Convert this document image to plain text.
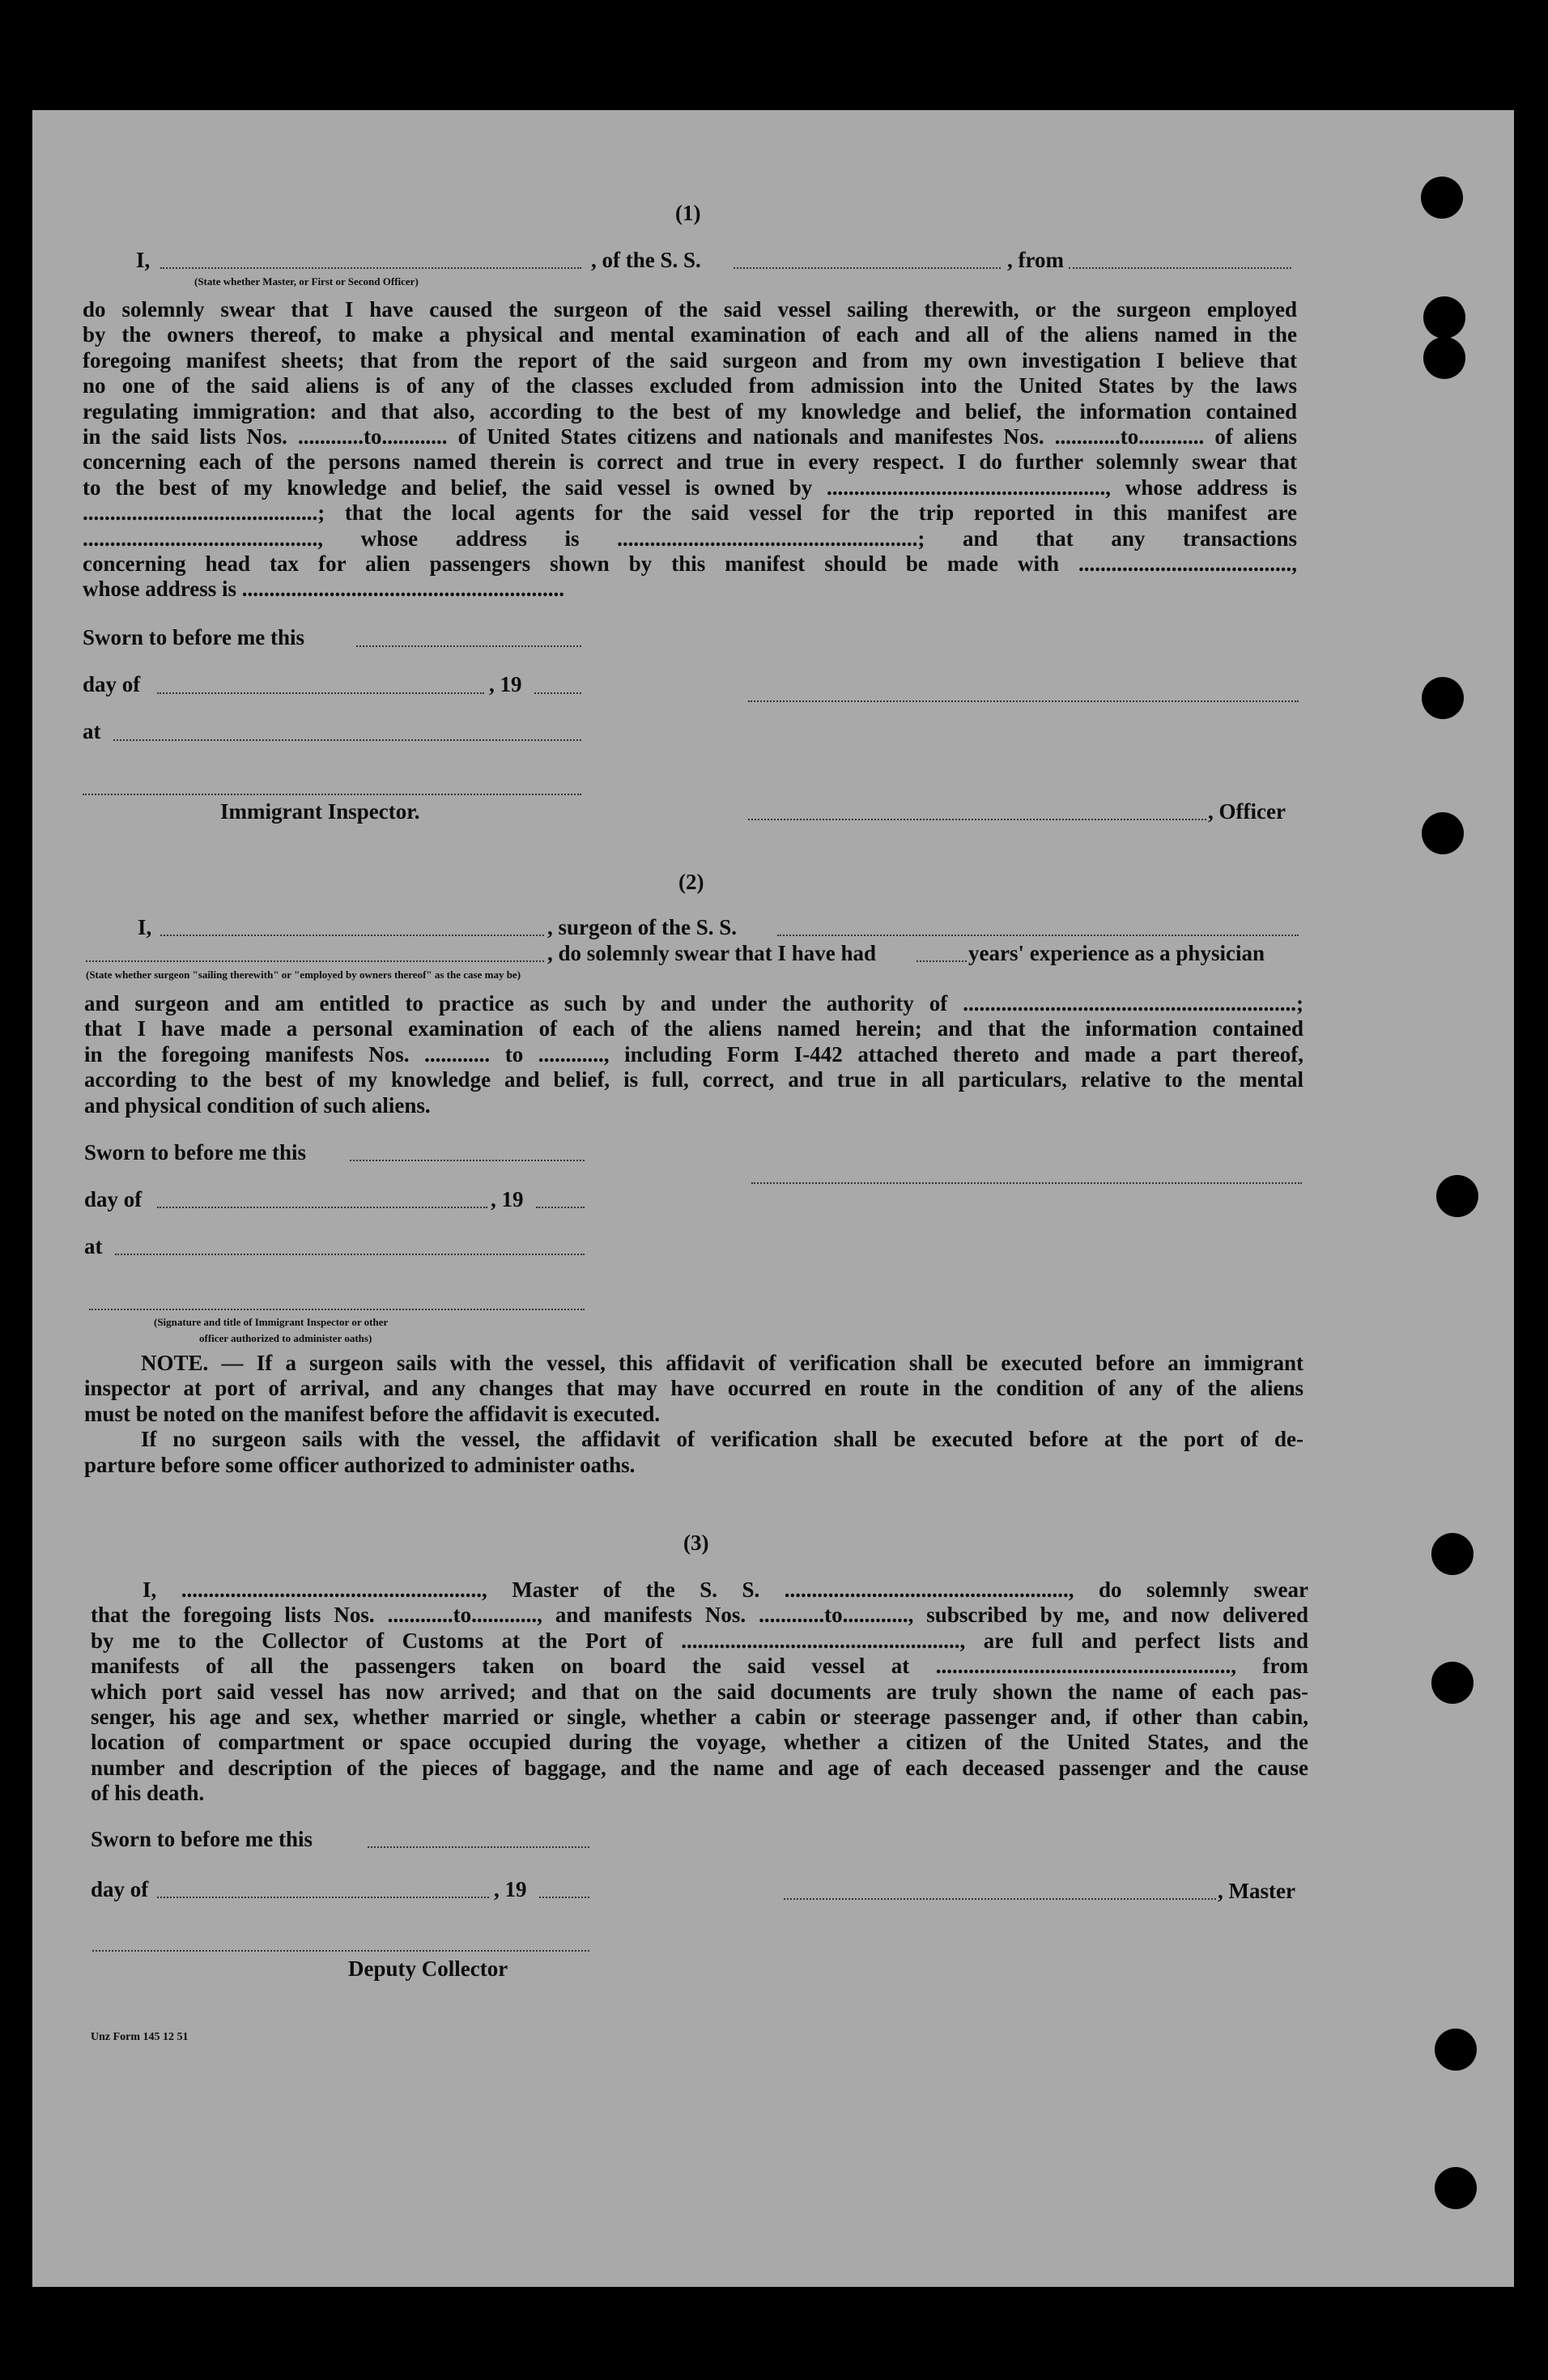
(1)
I,	, of the S. S.	, from
(State whether Master, or First or Second Officer)
do solemnly swear that I have caused the surgeon of the said vessel sailing therewith, or the surgeon employed
by the owners thereof, to make a physical and mental examination of each and all of the aliens named in the
foregoing manifest sheets; that from the report of the said surgeon and from my own investigation I believe that
no one of the said aliens is of any of the classes excluded from admission into the United States by the laws
regulating immigration: and that also, according to the best of my knowledge and belief, the information contained
in the said lists Nos. ............to............ of United States citizens and nationals and manifestes Nos. ............to............ of aliens
concerning each of the persons named therein is correct and true in every respect. I do further solemnly swear that
to the best of my knowledge and belief, the said vessel is owned by ..................................................., whose address is
...........................................; that the local agents for the said vessel for the trip reported in this manifest are
..........................................., whose address is .......................................................; and that any transactions
concerning head tax for alien passengers shown by this manifest should be made with .......................................,
whose address is ...........................................................
Sworn to before me this
day of	, 19
at
Immigrant Inspector.	, Officer
(2)
I,	, surgeon of the S. S.
, do solemnly swear that I have had	years' experience as a physician
(State whether surgeon "sailing therewith" or "employed by owners thereof" as the case may be)
and surgeon and am entitled to practice as such by and under the authority of .............................................................;
that I have made a personal examination of each of the aliens named herein; and that the information contained
in the foregoing manifests Nos. ............ to ............, including Form I-442 attached thereto and made a part thereof,
according to the best of my knowledge and belief, is full, correct, and true in all particulars, relative to the mental
and physical condition of such aliens.
Sworn to before me this
day of	, 19
at
(Signature and title of Immigrant Inspector or other
officer authorized to administer oaths)
NOTE. — If a surgeon sails with the vessel, this affidavit of verification shall be executed before an immigrant
inspector at port of arrival, and any changes that may have occurred en route in the condition of any of the aliens
must be noted on the manifest before the affidavit is executed.
If no surgeon sails with the vessel, the affidavit of verification shall be executed before at the port of de-
parture before some officer authorized to administer oaths.
(3)
I, ......................................................., Master of the S. S. ...................................................., do solemnly swear
that the foregoing lists Nos. ............to............, and manifests Nos. ............to............, subscribed by me, and now delivered
by me to the Collector of Customs at the Port of ..................................................., are full and perfect lists and
manifests of all the passengers taken on board the said vessel at ......................................................, from
which port said vessel has now arrived; and that on the said documents are truly shown the name of each pas-
senger, his age and sex, whether married or single, whether a cabin or steerage passenger and, if other than cabin,
location of compartment or space occupied during the voyage, whether a citizen of the United States, and the
number and description of the pieces of baggage, and the name and age of each deceased passenger and the cause
of his death.
Sworn to before me this
day of	, 19	, Master
Deputy Collector
Unz Form 145 12 51
